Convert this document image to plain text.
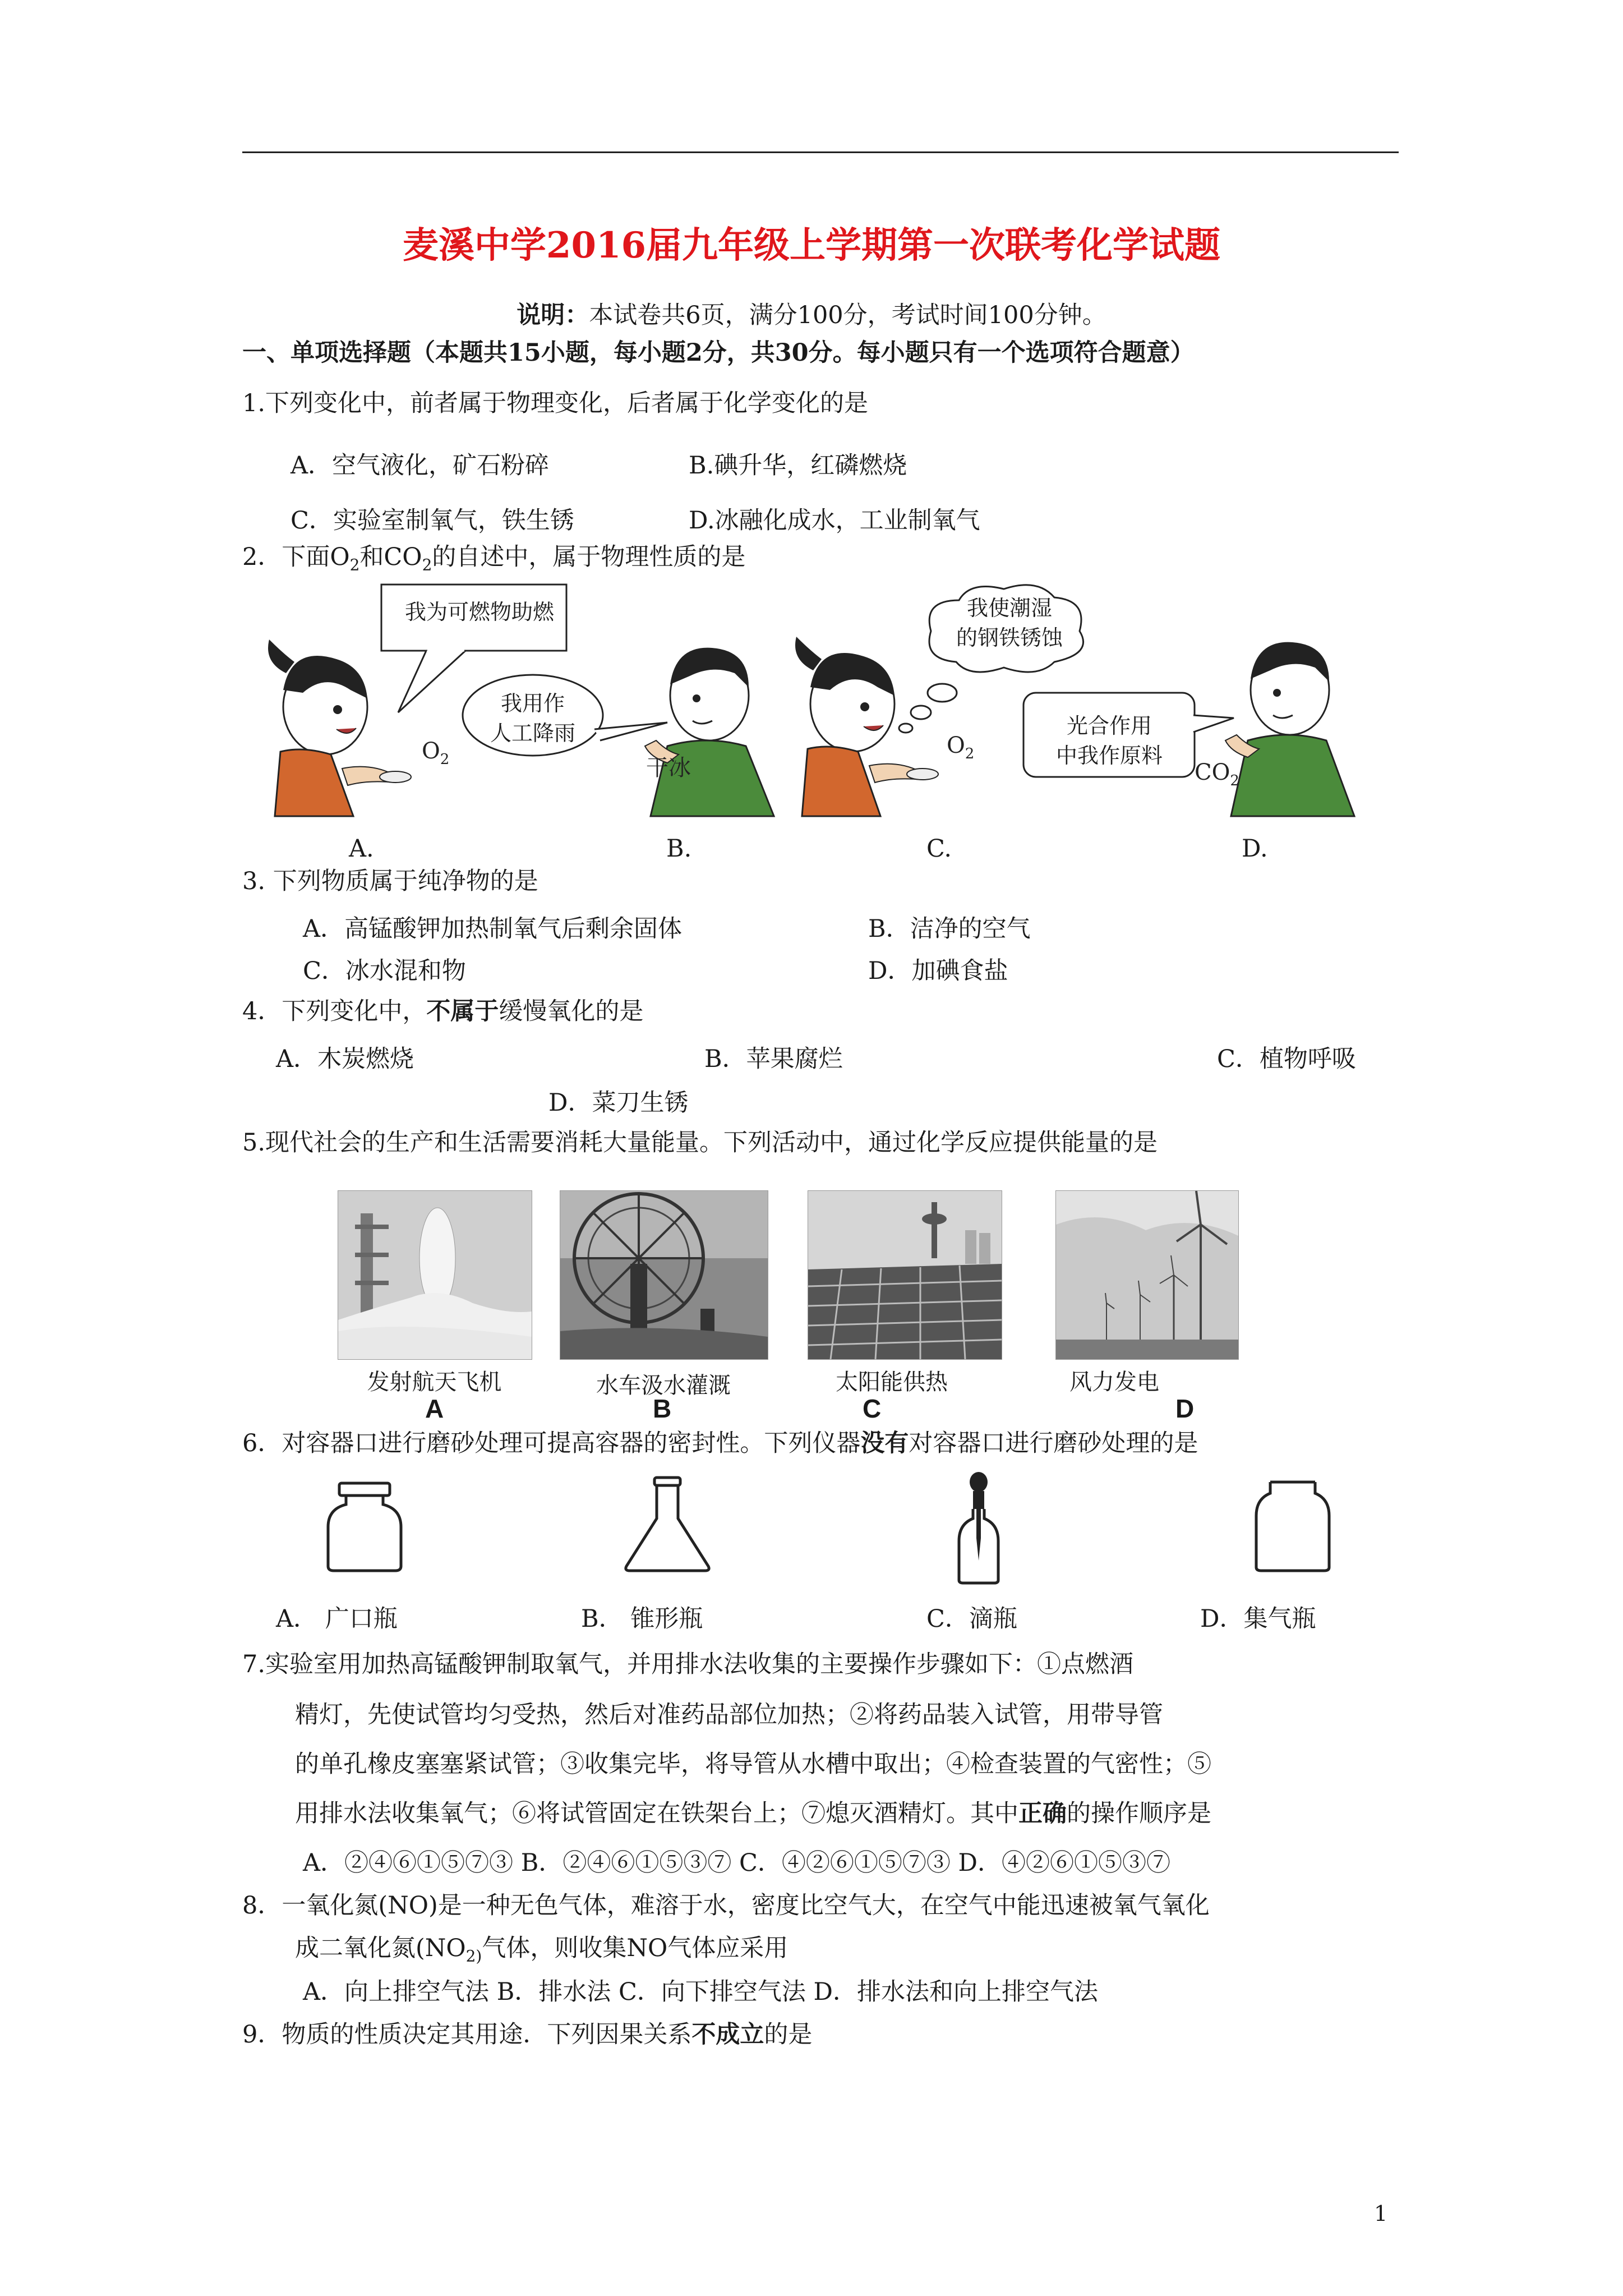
麦溪中学2016届九年级上学期第一次联考化学试题
说明：本试卷共6页，满分100分，考试时间100分钟。
一、单项选择题（本题共15小题，每小题2分，共30分。每小题只有一个选项符合题意）
1.下列变化中，前者属于物理变化，后者属于化学变化的是
A．空气液化，矿石粉碎	B.碘升华，红磷燃烧
C．实验室制氧气，铁生锈	D.冰融化成水，工业制氧气
2．下面$O_2$和$CO_2$的自述中，属于物理性质的是
$O_2$	干冰
$O_2$
$CO_2$
我为可燃物助燃
我用作
人工降雨
我使潮湿
的钢铁锈蚀
光合作用
中我作原料
A.	B.	C.	D.
3. 下列物质属于纯净物的是
A．高锰酸钾加热制氧气后剩余固体	B．洁净的空气
C．冰水混和物	D．加碘食盐
4．下列变化中，不属于缓慢氧化的是
A．木炭燃烧	B．苹果腐烂	C．植物呼吸
D．菜刀生锈
5.现代社会的生产和生活需要消耗大量能量。下列活动中，通过化学反应提供能量的是
发射航天飞机	水车汲水灌溉	太阳能供热	风力发电
A	B	C	D
6．对容器口进行磨砂处理可提高容器的密封性。下列仪器没有对容器口进行磨砂处理的是
A． 广口瓶	B． 锥形瓶	C．滴瓶	D．集气瓶
7.实验室用加热高锰酸钾制取氧气，并用排水法收集的主要操作步骤如下：①点燃酒
精灯，先使试管均匀受热，然后对准药品部位加热；②将药品装入试管，用带导管
的单孔橡皮塞塞紧试管；③收集完毕，将导管从水槽中取出；④检查装置的气密性；⑤
用排水法收集氧气；⑥将试管固定在铁架台上；⑦熄灭酒精灯。其中正确的操作顺序是
A．②④⑥①⑤⑦③ B．②④⑥①⑤③⑦ C．④②⑥①⑤⑦③ D．④②⑥①⑤③⑦
8．一氧化氮(NO)是一种无色气体，难溶于水，密度比空气大，在空气中能迅速被氧气氧化
成二氧化氮($NO_{2)}$气体，则收集NO气体应采用
A．向上排空气法 B．排水法 C．向下排空气法 D．排水法和向上排空气法
9．物质的性质决定其用途．下列因果关系不成立的是
1
